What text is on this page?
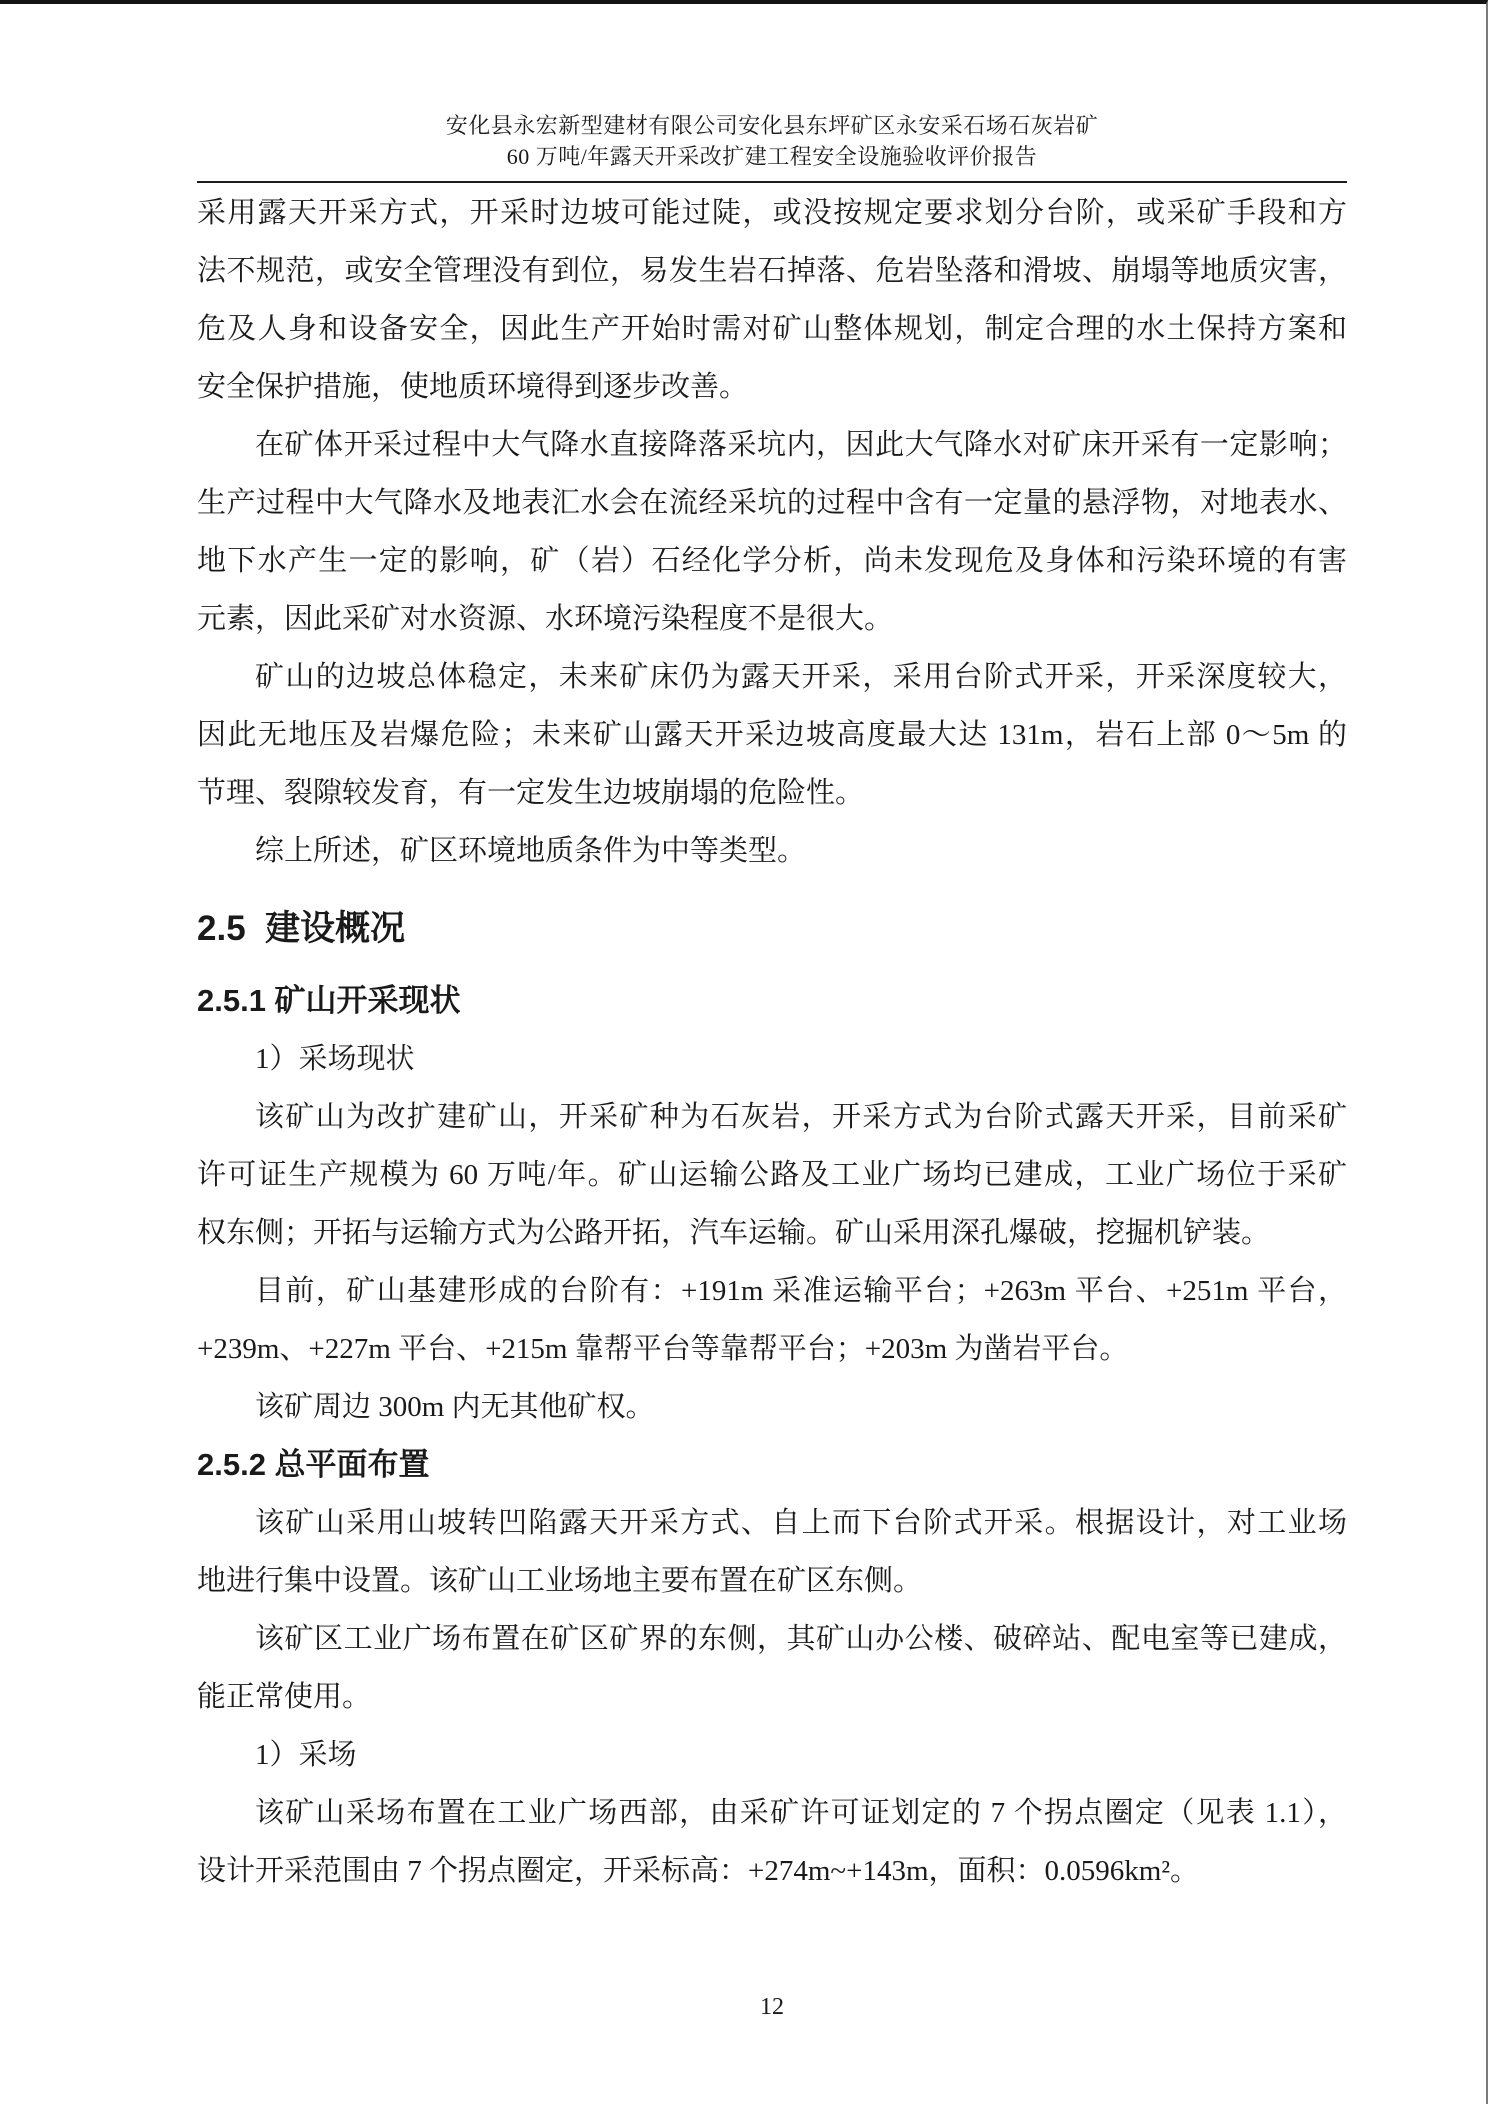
安化县永宏新型建材有限公司安化县东坪矿区永安采石场石灰岩矿
60 万吨/年露天开采改扩建工程安全设施验收评价报告
采用露天开采方式，开采时边坡可能过陡，或没按规定要求划分台阶，或采矿手段和方
法不规范，或安全管理没有到位，易发生岩石掉落、危岩坠落和滑坡、崩塌等地质灾害，
危及人身和设备安全，因此生产开始时需对矿山整体规划，制定合理的水土保持方案和
安全保护措施，使地质环境得到逐步改善。
在矿体开采过程中大气降水直接降落采坑内，因此大气降水对矿床开采有一定影响；
生产过程中大气降水及地表汇水会在流经采坑的过程中含有一定量的悬浮物，对地表水、
地下水产生一定的影响，矿（岩）石经化学分析，尚未发现危及身体和污染环境的有害
元素，因此采矿对水资源、水环境污染程度不是很大。
矿山的边坡总体稳定，未来矿床仍为露天开采，采用台阶式开采，开采深度较大，
因此无地压及岩爆危险；未来矿山露天开采边坡高度最大达 131m，岩石上部 0～5m 的
节理、裂隙较发育，有一定发生边坡崩塌的危险性。
综上所述，矿区环境地质条件为中等类型。
2.5  建设概况
2.5.1 矿山开采现状
1）采场现状
该矿山为改扩建矿山，开采矿种为石灰岩，开采方式为台阶式露天开采，目前采矿
许可证生产规模为 60 万吨/年。矿山运输公路及工业广场均已建成，工业广场位于采矿
权东侧；开拓与运输方式为公路开拓，汽车运输。矿山采用深孔爆破，挖掘机铲装。
目前，矿山基建形成的台阶有：+191m 采准运输平台；+263m 平台、+251m 平台，
+239m、+227m 平台、+215m 靠帮平台等靠帮平台；+203m 为凿岩平台。
该矿周边 300m 内无其他矿权。
2.5.2 总平面布置
该矿山采用山坡转凹陷露天开采方式、自上而下台阶式开采。根据设计，对工业场
地进行集中设置。该矿山工业场地主要布置在矿区东侧。
该矿区工业广场布置在矿区矿界的东侧，其矿山办公楼、破碎站、配电室等已建成，
能正常使用。
1）采场
该矿山采场布置在工业广场西部，由采矿许可证划定的 7 个拐点圈定（见表 1.1），
设计开采范围由 7 个拐点圈定，开采标高：+274m~+143m，面积：0.0596km²。
12
